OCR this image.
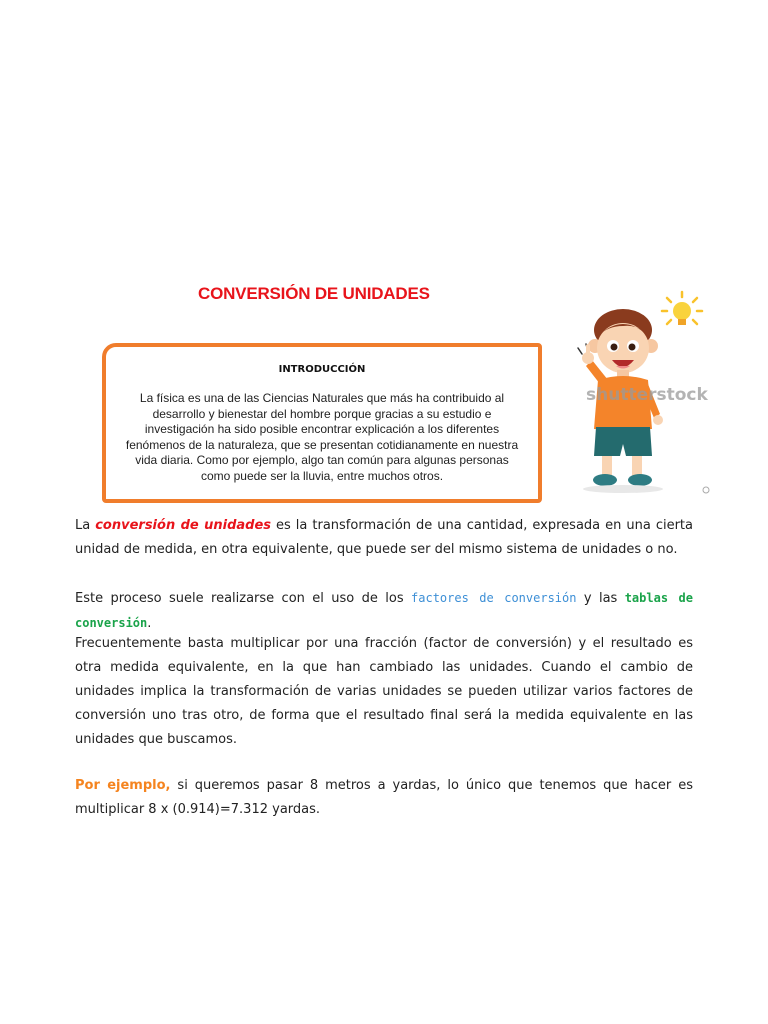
CONVERSIÓN DE UNIDADES
INTRODUCCIÓN

La física es una de las Ciencias Naturales que más ha contribuido al desarrollo y bienestar del hombre porque gracias a su estudio e investigación ha sido posible encontrar explicación a los diferentes fenómenos de la naturaleza, que se presentan cotidianamente en nuestra vida diaria. Como por ejemplo, algo tan común para algunas personas como puede ser la lluvia, entre muchos otros.

shutterstock

La conversión de unidades es la transformación de una cantidad, expresada en una cierta unidad de medida, en otra equivalente, que puede ser del mismo sistema de unidades o no.

Este proceso suele realizarse con el uso de los factores de conversión y las tablas de conversión.

Frecuentemente basta multiplicar por una fracción (factor de conversión) y el resultado es otra medida equivalente, en la que han cambiado las unidades. Cuando el cambio de unidades implica la transformación de varias unidades se pueden utilizar varios factores de conversión uno tras otro, de forma que el resultado final será la medida equivalente en las unidades que buscamos.

Por ejemplo, si queremos pasar 8 metros a yardas, lo único que tenemos que hacer es multiplicar 8 x (0.914)=7.312 yardas.
